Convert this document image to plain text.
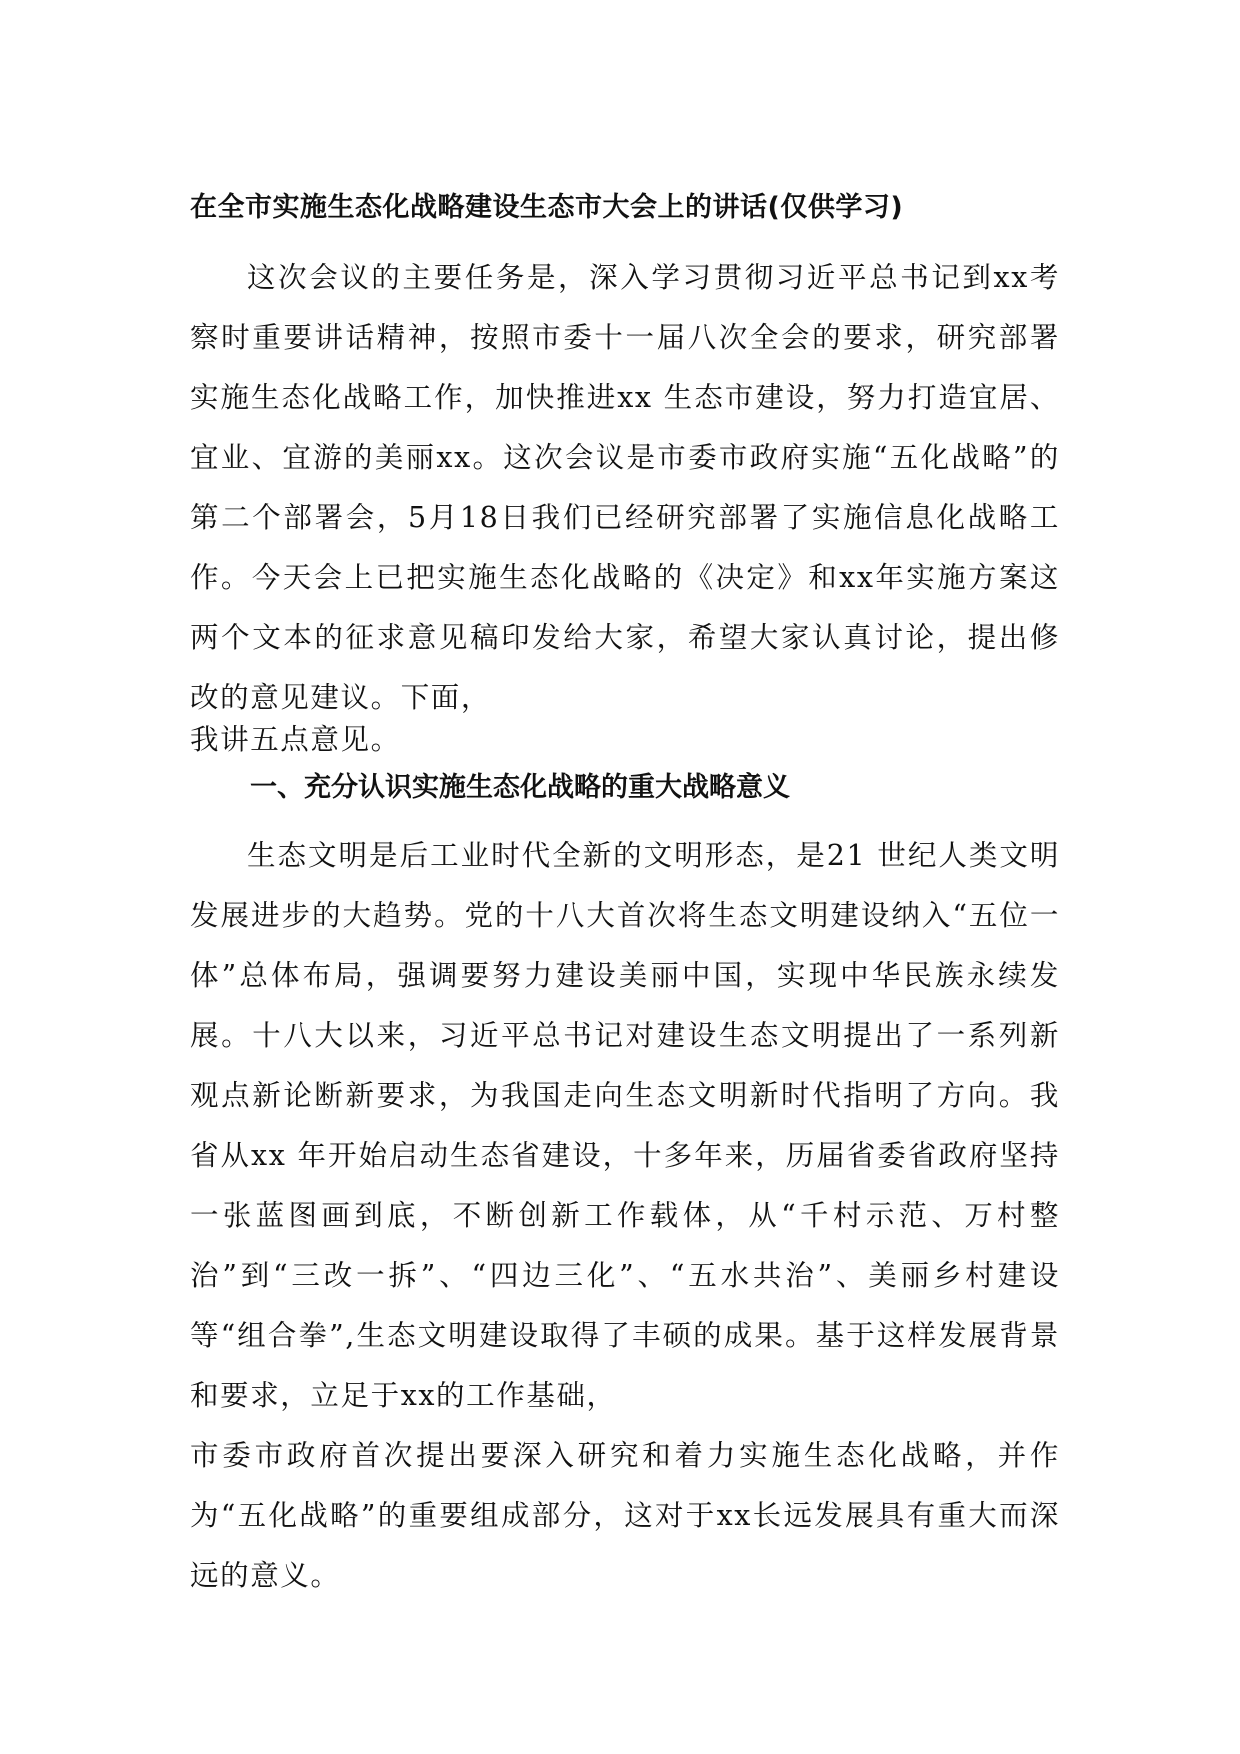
在全市实施生态化战略建设生态市大会上的讲话(仅供学习)

这次会议的主要任务是，深入学习贯彻习近平总书记到xx考察时重要讲话精神，按照市委十一届八次全会的要求，研究部署实施生态化战略工作，加快推进xx 生态市建设，努力打造宜居、宜业、宜游的美丽xx。这次会议是市委市政府实施“五化战略”的第二个部署会，5月18日我们已经研究部署了实施信息化战略工作。今天会上已把实施生态化战略的《决定》和xx年实施方案这两个文本的征求意见稿印发给大家，希望大家认真讨论，提出修改的意见建议。下面，

我讲五点意见。

一、充分认识实施生态化战略的重大战略意义

生态文明是后工业时代全新的文明形态，是21 世纪人类文明发展进步的大趋势。党的十八大首次将生态文明建设纳入“五位一体”总体布局，强调要努力建设美丽中国，实现中华民族永续发展。十八大以来，习近平总书记对建设生态文明提出了一系列新观点新论断新要求，为我国走向生态文明新时代指明了方向。我省从xx 年开始启动生态省建设，十多年来，历届省委省政府坚持一张蓝图画到底，不断创新工作载体，从“千村示范、万村整治”到“三改一拆”、“四边三化”、“五水共治”、美丽乡村建设等“组合拳”,生态文明建设取得了丰硕的成果。基于这样发展背景和要求，立足于xx的工作基础，

市委市政府首次提出要深入研究和着力实施生态化战略，并作为“五化战略”的重要组成部分，这对于xx长远发展具有重大而深远的意义。
